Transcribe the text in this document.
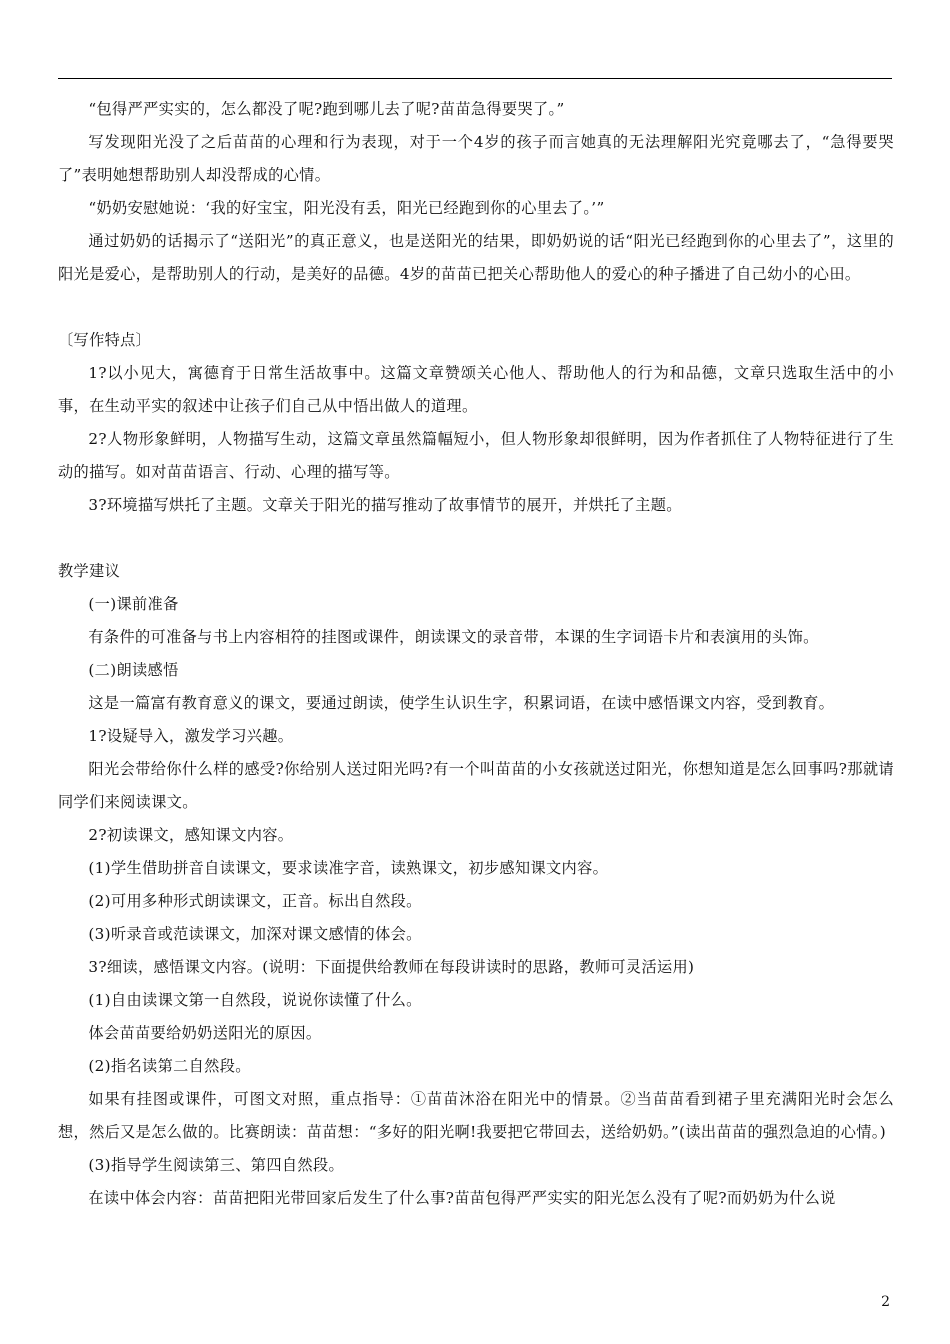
“包得严严实实的，怎么都没了呢?跑到哪儿去了呢?苗苗急得要哭了。”

写发现阳光没了之后苗苗的心理和行为表现，对于一个4岁的孩子而言她真的无法理解阳光究竟哪去了，“急得要哭了”表明她想帮助别人却没帮成的心情。

“奶奶安慰她说：‘我的好宝宝，阳光没有丢，阳光已经跑到你的心里去了。’”

通过奶奶的话揭示了“送阳光”的真正意义，也是送阳光的结果，即奶奶说的话“阳光已经跑到你的心里去了”，这里的阳光是爱心，是帮助别人的行动，是美好的品德。4岁的苗苗已把关心帮助他人的爱心的种子播进了自己幼小的心田。

〔写作特点〕

1?以小见大，寓德育于日常生活故事中。这篇文章赞颂关心他人、帮助他人的行为和品德，文章只选取生活中的小事，在生动平实的叙述中让孩子们自己从中悟出做人的道理。

2?人物形象鲜明，人物描写生动，这篇文章虽然篇幅短小，但人物形象却很鲜明，因为作者抓住了人物特征进行了生动的描写。如对苗苗语言、行动、心理的描写等。

3?环境描写烘托了主题。文章关于阳光的描写推动了故事情节的展开，并烘托了主题。

教学建议

(一)课前准备

有条件的可准备与书上内容相符的挂图或课件，朗读课文的录音带，本课的生字词语卡片和表演用的头饰。

(二)朗读感悟

这是一篇富有教育意义的课文，要通过朗读，使学生认识生字，积累词语，在读中感悟课文内容，受到教育。

1?设疑导入，激发学习兴趣。

阳光会带给你什么样的感受?你给别人送过阳光吗?有一个叫苗苗的小女孩就送过阳光，你想知道是怎么回事吗?那就请同学们来阅读课文。

2?初读课文，感知课文内容。

(1)学生借助拼音自读课文，要求读准字音，读熟课文，初步感知课文内容。

(2)可用多种形式朗读课文，正音。标出自然段。

(3)听录音或范读课文，加深对课文感情的体会。

3?细读，感悟课文内容。(说明：下面提供给教师在每段讲读时的思路，教师可灵活运用)

(1)自由读课文第一自然段，说说你读懂了什么。

体会苗苗要给奶奶送阳光的原因。

(2)指名读第二自然段。

如果有挂图或课件，可图文对照，重点指导：①苗苗沐浴在阳光中的情景。②当苗苗看到裙子里充满阳光时会怎么想，然后又是怎么做的。比赛朗读：苗苗想：“多好的阳光啊!我要把它带回去，送给奶奶。”(读出苗苗的强烈急迫的心情。)

(3)指导学生阅读第三、第四自然段。

在读中体会内容：苗苗把阳光带回家后发生了什么事?苗苗包得严严实实的阳光怎么没有了呢?而奶奶为什么说

2
